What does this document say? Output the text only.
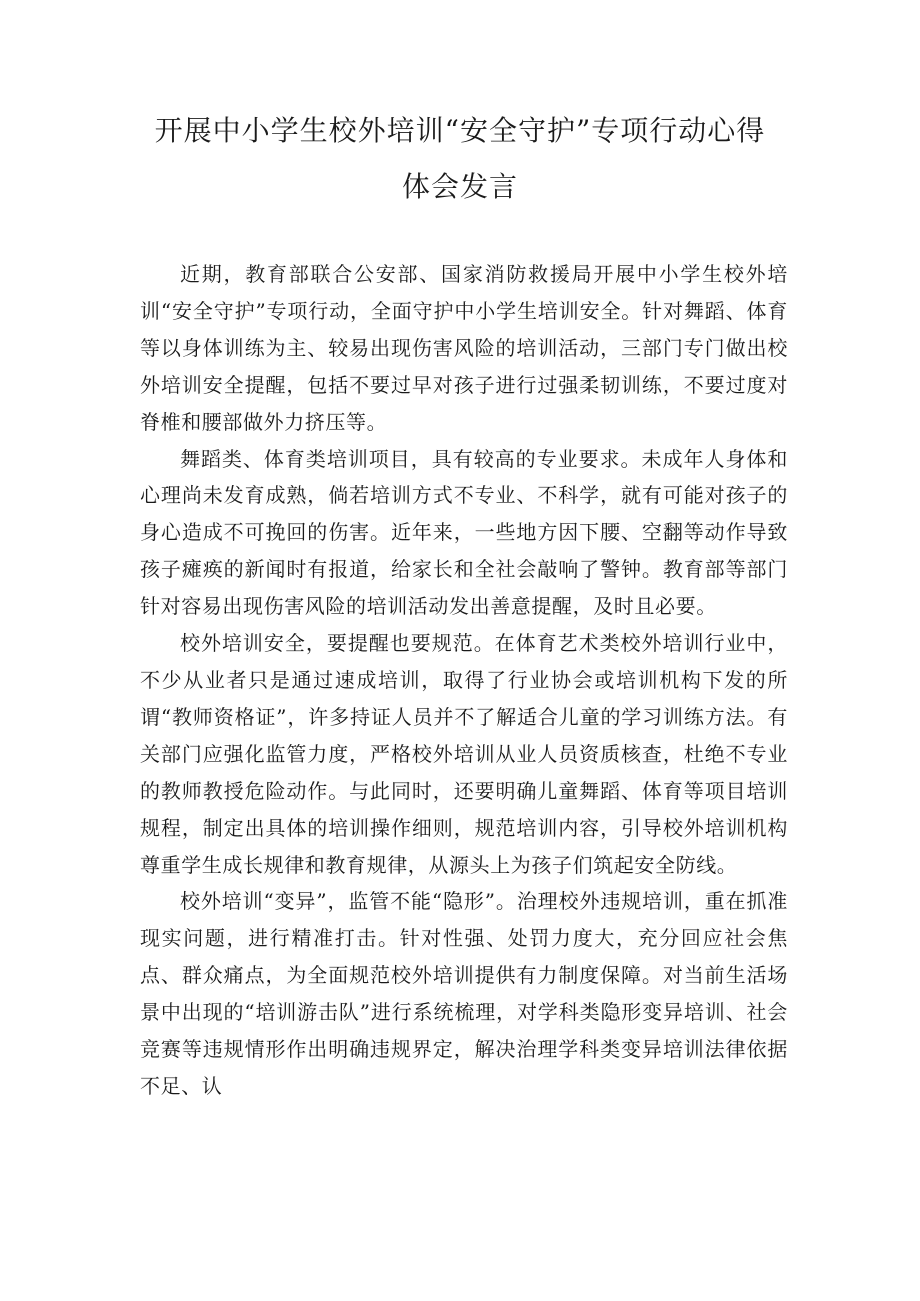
开展中小学生校外培训“安全守护”专项行动心得
体会发言

近期，教育部联合公安部、国家消防救援局开展中小学生校外培训“安全守护”专项行动，全面守护中小学生培训安全。针对舞蹈、体育等以身体训练为主、较易出现伤害风险的培训活动，三部门专门做出校外培训安全提醒，包括不要过早对孩子进行过强柔韧训练，不要过度对脊椎和腰部做外力挤压等。

舞蹈类、体育类培训项目，具有较高的专业要求。未成年人身体和心理尚未发育成熟，倘若培训方式不专业、不科学，就有可能对孩子的身心造成不可挽回的伤害。近年来，一些地方因下腰、空翻等动作导致孩子瘫痪的新闻时有报道，给家长和全社会敲响了警钟。教育部等部门针对容易出现伤害风险的培训活动发出善意提醒，及时且必要。

校外培训安全，要提醒也要规范。在体育艺术类校外培训行业中，不少从业者只是通过速成培训，取得了行业协会或培训机构下发的所谓“教师资格证”，许多持证人员并不了解适合儿童的学习训练方法。有关部门应强化监管力度，严格校外培训从业人员资质核查，杜绝不专业的教师教授危险动作。与此同时，还要明确儿童舞蹈、体育等项目培训规程，制定出具体的培训操作细则，规范培训内容，引导校外培训机构尊重学生成长规律和教育规律，从源头上为孩子们筑起安全防线。

校外培训“变异”，监管不能“隐形”。治理校外违规培训，重在抓准现实问题，进行精准打击。针对性强、处罚力度大，充分回应社会焦点、群众痛点，为全面规范校外培训提供有力制度保障。对当前生活场景中出现的“培训游击队”进行系统梳理，对学科类隐形变异培训、社会竞赛等违规情形作出明确违规界定，解决治理学科类变异培训法律依据不足、认
